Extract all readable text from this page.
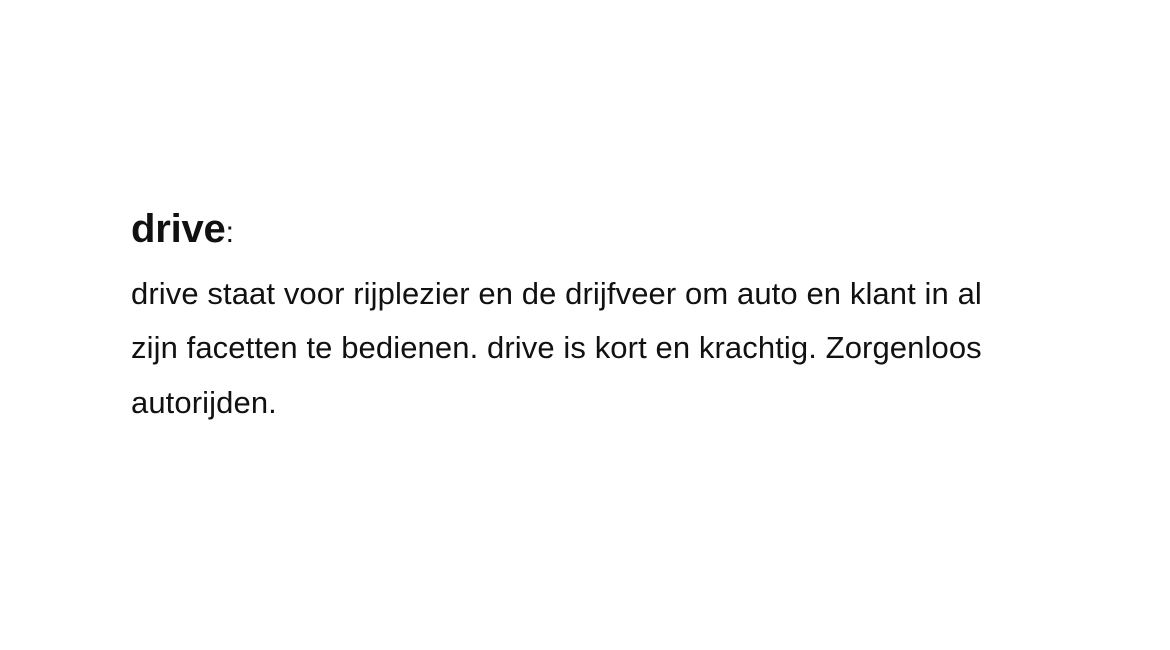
drive:

drive staat voor rijplezier en de drijfveer om auto en klant in al zijn facetten te bedienen. drive is kort en krachtig. Zorgenloos autorijden.
